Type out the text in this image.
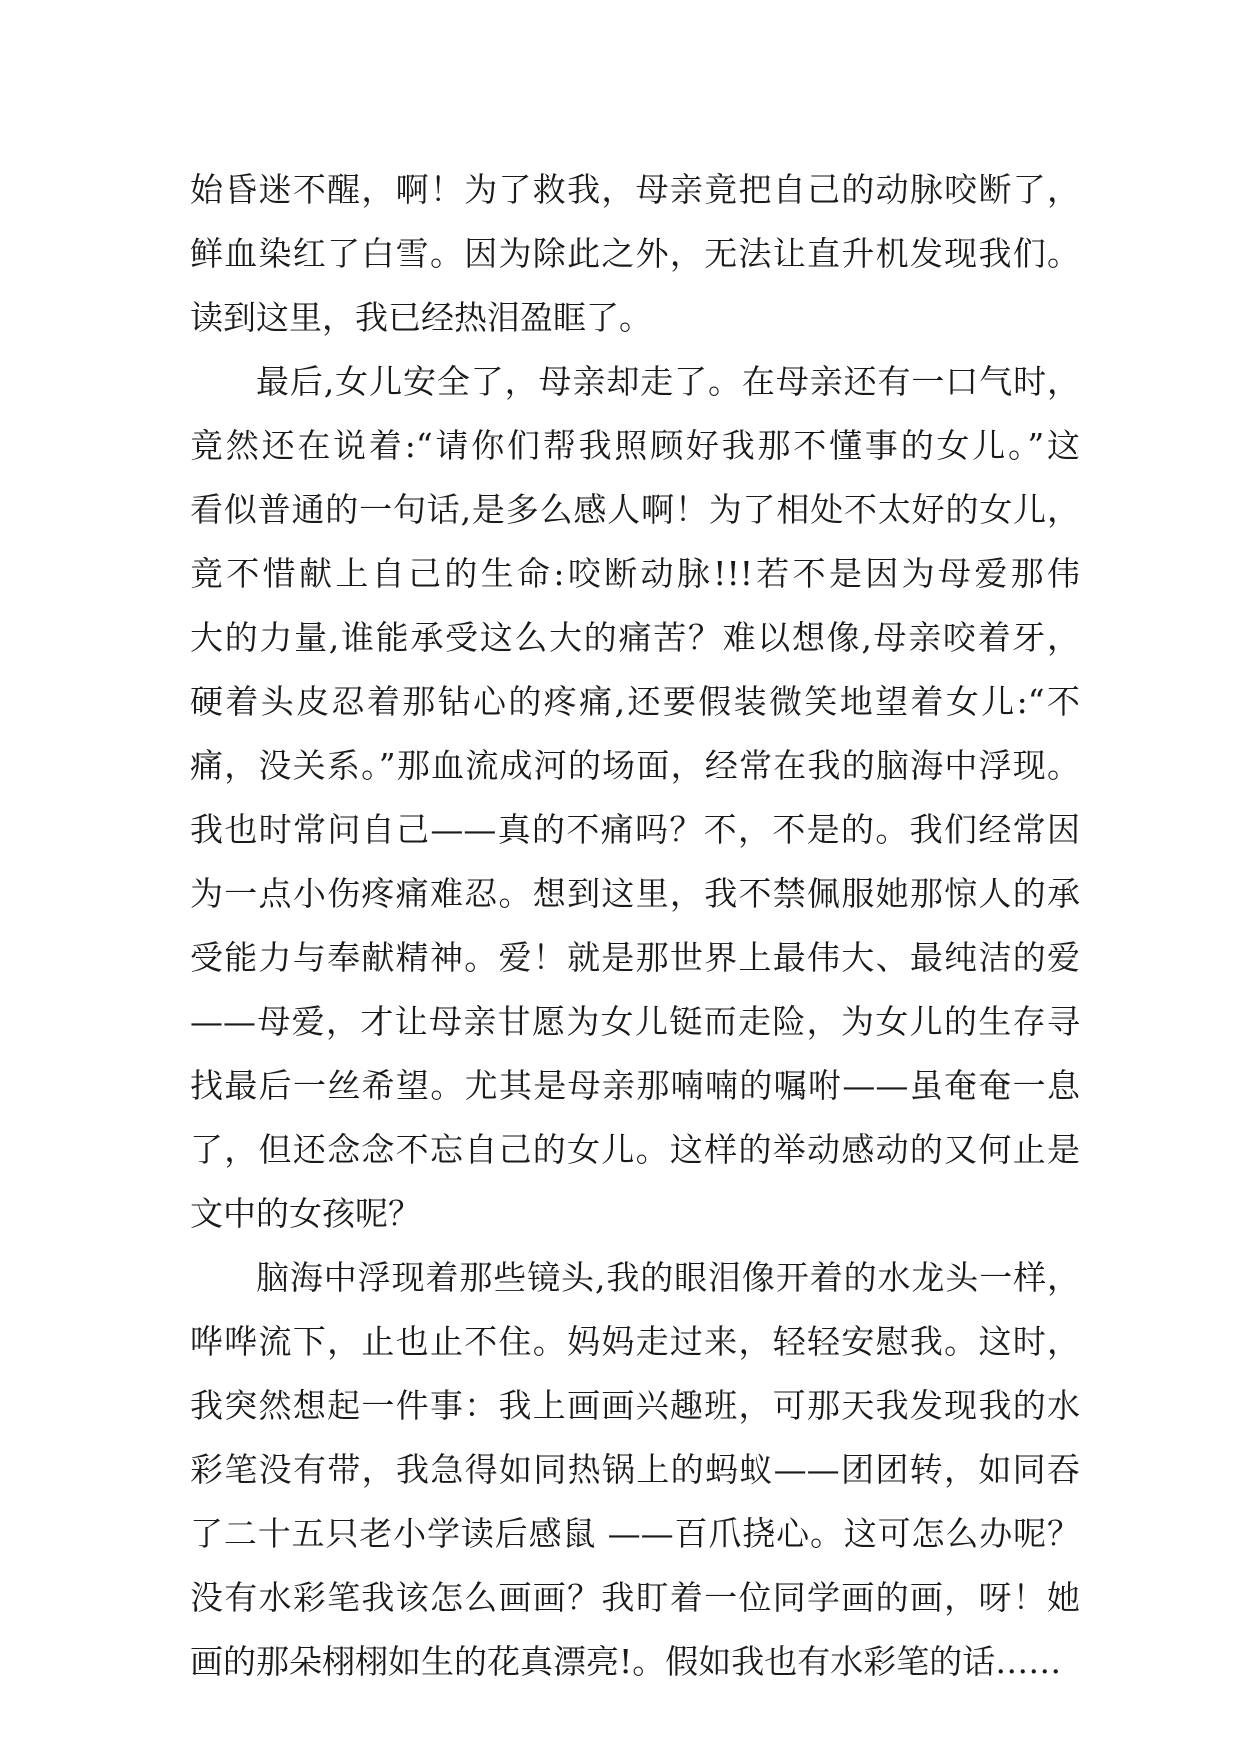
始昏迷不醒，啊！为了救我，母亲竟把自己的动脉咬断了，
鲜血染红了白雪。因为除此之外，无法让直升机发现我们。
读到这里，我已经热泪盈眶了。
最后,女儿安全了，母亲却走了。在母亲还有一口气时，
竟然还在说着:“请你们帮我照顾好我那不懂事的女儿。”这
看似普通的一句话,是多么感人啊！为了相处不太好的女儿，
竟不惜献上自己的生命:咬断动脉!!!若不是因为母爱那伟
大的力量,谁能承受这么大的痛苦？难以想像,母亲咬着牙，
硬着头皮忍着那钻心的疼痛,还要假装微笑地望着女儿:“不
痛，没关系。”那血流成河的场面，经常在我的脑海中浮现。
我也时常问自己——真的不痛吗？不，不是的。我们经常因
为一点小伤疼痛难忍。想到这里，我不禁佩服她那惊人的承
受能力与奉献精神。爱！就是那世界上最伟大、最纯洁的爱
——母爱，才让母亲甘愿为女儿铤而走险，为女儿的生存寻
找最后一丝希望。尤其是母亲那喃喃的嘱咐——虽奄奄一息
了，但还念念不忘自己的女儿。这样的举动感动的又何止是
文中的女孩呢？
脑海中浮现着那些镜头,我的眼泪像开着的水龙头一样，
哗哗流下，止也止不住。妈妈走过来，轻轻安慰我。这时，
我突然想起一件事：我上画画兴趣班，可那天我发现我的水
彩笔没有带，我急得如同热锅上的蚂蚁——团团转，如同吞
了二十五只老小学读后感鼠 ——百爪挠心。这可怎么办呢？
没有水彩笔我该怎么画画？我盯着一位同学画的画，呀！她
画的那朵栩栩如生的花真漂亮!。假如我也有水彩笔的话……
